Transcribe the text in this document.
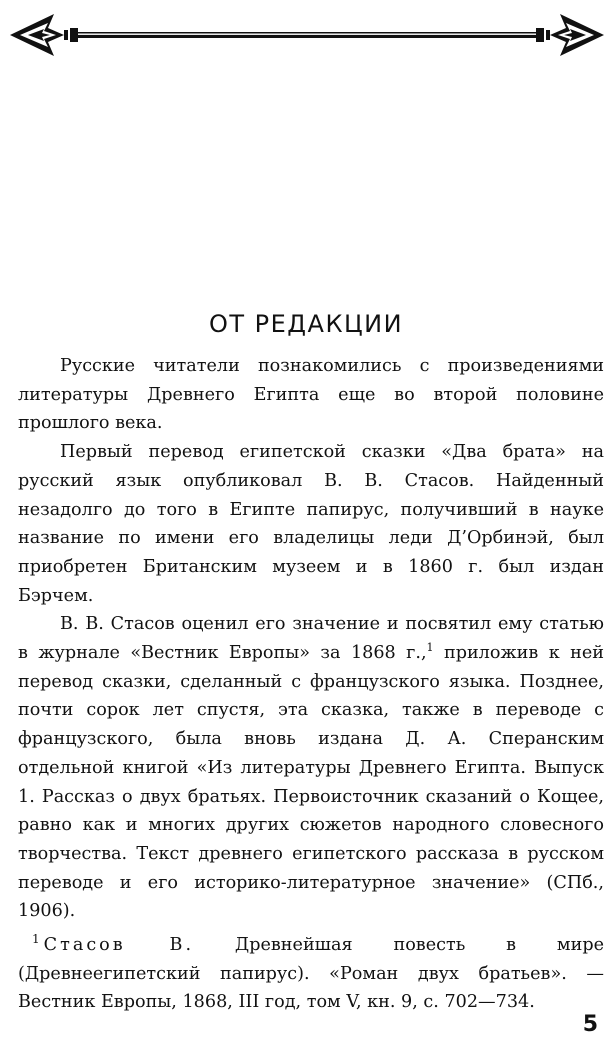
ОТ РЕДАКЦИИ

Русские читатели познакомились с произведениями литературы Древнего Египта еще во второй половине прошлого века.

Первый перевод египетской сказки «Два брата» на русский язык опубликовал В. В. Стасов. Найденный незадолго до того в Египте папирус, получивший в науке название по имени его владелицы леди Д’Орбинэй, был приобретен Британским музеем и в 1860 г. был издан Бэрчем.

В. В. Стасов оценил его значение и посвятил ему статью в журнале «Вестник Европы» за 1868 г.,$^1$ приложив к ней перевод сказки, сделанный с французского языка. Позднее, почти сорок лет спустя, эта сказка, также в переводе с французского, была вновь издана Д. А. Сперанским отдельной книгой «Из литературы Древнего Египта. Выпуск 1. Рассказ о двух братьях. Первоисточник сказаний о Кощее, равно как и многих других сюжетов народного словесного творчества. Текст древнего египетского рассказа в русском переводе и его историко-литературное значение» (СПб., 1906).

$^1$ Стасов В. Древнейшая повесть в мире (Древнеегипетский папирус). «Роман двух братьев». — Вестник Европы, 1868, III год, том V, кн. 9, с. 702—734.

5
